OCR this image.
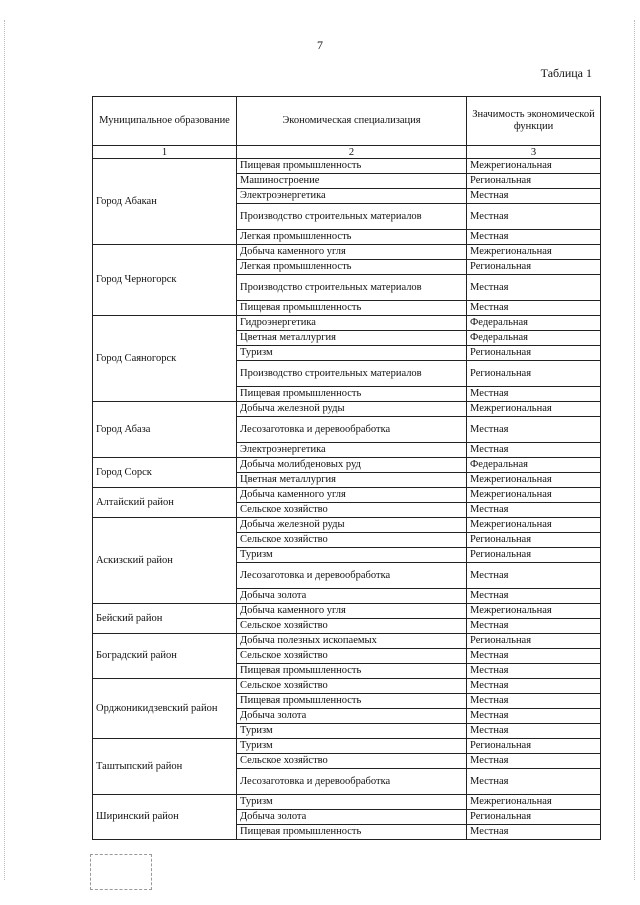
7
Таблица 1
Муниципальное образование	Экономическая специализация	Значимость экономической функции
1	2	3
Город Абакан	Пищевая промышленность	Межрегиональная
	Машиностроение	Региональная
	Электроэнергетика	Местная
	Производство строительных материалов	Местная
	Легкая промышленность	Местная
Город Черногорск	Добыча каменного угля	Межрегиональная
	Легкая промышленность	Региональная
	Производство строительных материалов	Местная
	Пищевая промышленность	Местная
Город Саяногорск	Гидроэнергетика	Федеральная
	Цветная металлургия	Федеральная
	Туризм	Региональная
	Производство строительных материалов	Региональная
	Пищевая промышленность	Местная
Город Абаза	Добыча железной руды	Межрегиональная
	Лесозаготовка и деревообработка	Местная
	Электроэнергетика	Местная
Город Сорск	Добыча молибденовых руд	Федеральная
	Цветная металлургия	Межрегиональная
Алтайский район	Добыча каменного угля	Межрегиональная
	Сельское хозяйство	Местная
Аскизский район	Добыча железной руды	Межрегиональная
	Сельское хозяйство	Региональная
	Туризм	Региональная
	Лесозаготовка и деревообработка	Местная
	Добыча золота	Местная
Бейский район	Добыча каменного угля	Межрегиональная
	Сельское хозяйство	Местная
Боградский район	Добыча полезных ископаемых	Региональная
	Сельское хозяйство	Местная
	Пищевая промышленность	Местная
Орджоникидзевский район	Сельское хозяйство	Местная
	Пищевая промышленность	Местная
	Добыча золота	Местная
	Туризм	Местная
Таштыпский район	Туризм	Региональная
	Сельское хозяйство	Местная
	Лесозаготовка и деревообработка	Местная
Ширинский район	Туризм	Межрегиональная
	Добыча золота	Региональная
	Пищевая промышленность	Местная
